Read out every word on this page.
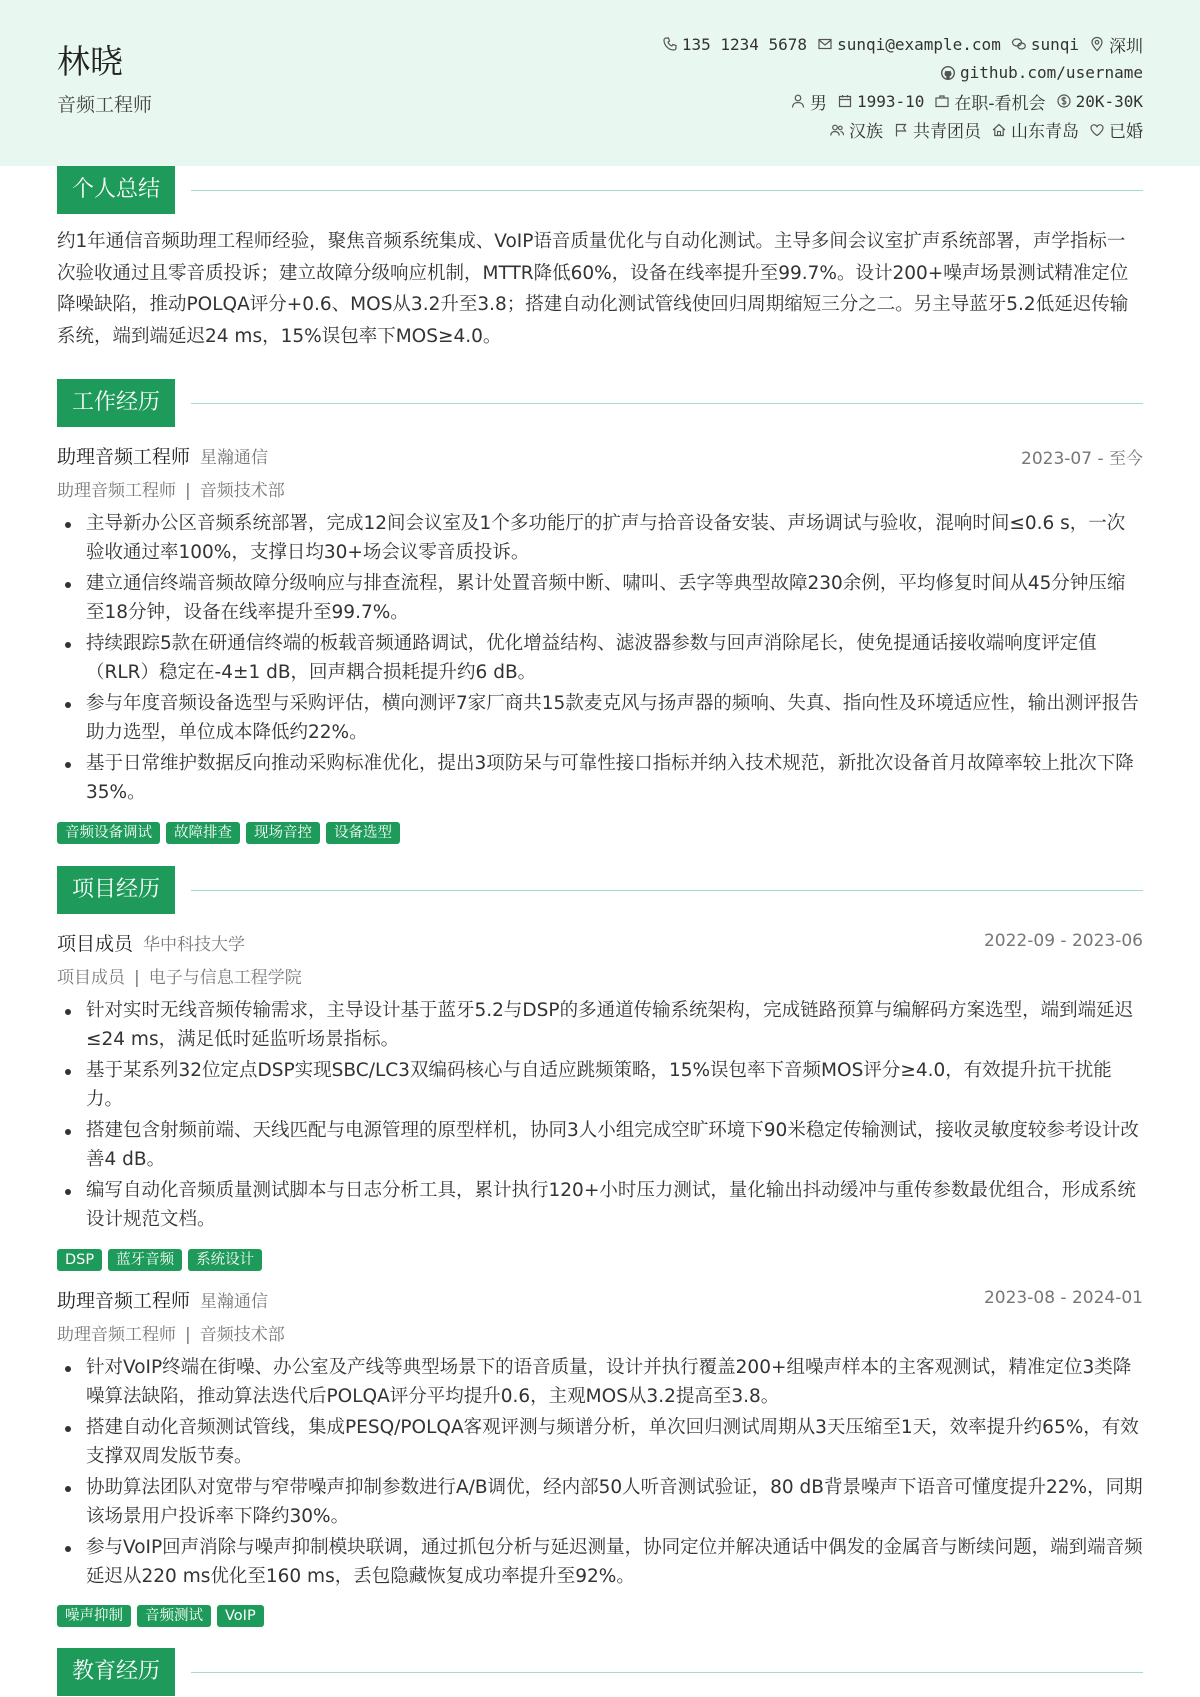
林晓
音频工程师
135 1234 5678 sunqi@example.com sunqi 深圳
github.com/username
男 1993-10 在职-看机会 20K-30K
汉族 共青团员 山东青岛 已婚
个人总结
约1年通信音频助理工程师经验，聚焦音频系统集成、VoIP语音质量优化与自动化测试。主导多间会议室扩声系统部署，声学指标一次验收通过且零音质投诉；建立故障分级响应机制，MTTR降低60%，设备在线率提升至99.7%。设计200+噪声场景测试精准定位降噪缺陷，推动POLQA评分+0.6、MOS从3.2升至3.8；搭建自动化测试管线使回归周期缩短三分之二。另主导蓝牙5.2低延迟传输系统，端到端延迟24 ms，15%误包率下MOS≥4.0。
工作经历
助理音频工程师 星瀚通信	2023-07 - 至今
助理音频工程师 | 音频技术部
主导新办公区音频系统部署，完成12间会议室及1个多功能厅的扩声与拾音设备安装、声场调试与验收，混响时间≤0.6 s，一次验收通过率100%，支撑日均30+场会议零音质投诉。
建立通信终端音频故障分级响应与排查流程，累计处置音频中断、啸叫、丢字等典型故障230余例，平均修复时间从45分钟压缩至18分钟，设备在线率提升至99.7%。
持续跟踪5款在研通信终端的板载音频通路调试，优化增益结构、滤波器参数与回声消除尾长，使免提通话接收端响度评定值（RLR）稳定在-4±1 dB，回声耦合损耗提升约6 dB。
参与年度音频设备选型与采购评估，横向测评7家厂商共15款麦克风与扬声器的频响、失真、指向性及环境适应性，输出测评报告助力选型，单位成本降低约22%。
基于日常维护数据反向推动采购标准优化，提出3项防呆与可靠性接口指标并纳入技术规范，新批次设备首月故障率较上批次下降35%。
音频设备调试	故障排查	现场音控	设备选型
项目经历
项目成员 华中科技大学	2022-09 - 2023-06
项目成员 | 电子与信息工程学院
针对实时无线音频传输需求，主导设计基于蓝牙5.2与DSP的多通道传输系统架构，完成链路预算与编解码方案选型，端到端延迟≤24 ms，满足低时延监听场景指标。
基于某系列32位定点DSP实现SBC/LC3双编码核心与自适应跳频策略，15%误包率下音频MOS评分≥4.0，有效提升抗干扰能力。
搭建包含射频前端、天线匹配与电源管理的原型样机，协同3人小组完成空旷环境下90米稳定传输测试，接收灵敏度较参考设计改善4 dB。
编写自动化音频质量测试脚本与日志分析工具，累计执行120+小时压力测试，量化输出抖动缓冲与重传参数最优组合，形成系统设计规范文档。
DSP	蓝牙音频	系统设计
助理音频工程师 星瀚通信	2023-08 - 2024-01
助理音频工程师 | 音频技术部
针对VoIP终端在街噪、办公室及产线等典型场景下的语音质量，设计并执行覆盖200+组噪声样本的主客观测试，精准定位3类降噪算法缺陷，推动算法迭代后POLQA评分平均提升0.6，主观MOS从3.2提高至3.8。
搭建自动化音频测试管线，集成PESQ/POLQA客观评测与频谱分析，单次回归测试周期从3天压缩至1天，效率提升约65%，有效支撑双周发版节奏。
协助算法团队对宽带与窄带噪声抑制参数进行A/B调优，经内部50人听音测试验证，80 dB背景噪声下语音可懂度提升22%，同期该场景用户投诉率下降约30%。
参与VoIP回声消除与噪声抑制模块联调，通过抓包分析与延迟测量，协同定位并解决通话中偶发的金属音与断续问题，端到端音频延迟从220 ms优化至160 ms，丢包隐藏恢复成功率提升至92%。
噪声抑制	音频测试	VoIP
教育经历
